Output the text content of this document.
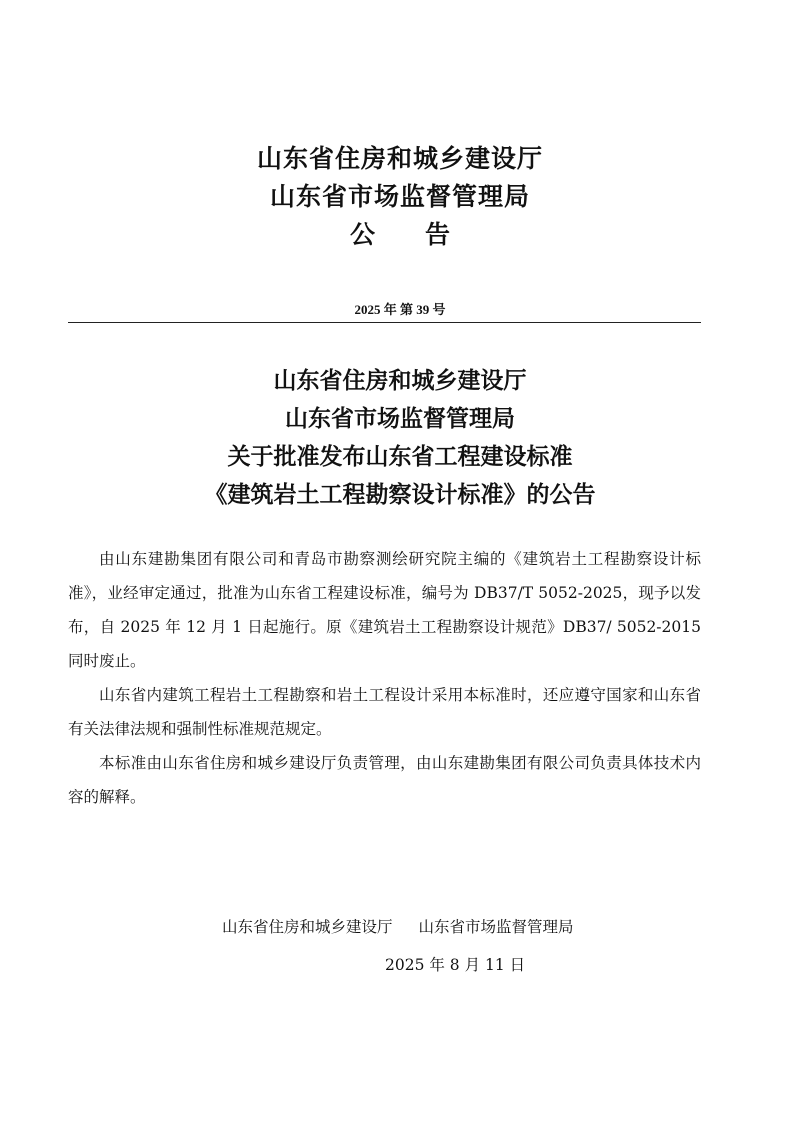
山东省住房和城乡建设厅

山东省市场监督管理局

公 告

2025 年 第 39 号

山东省住房和城乡建设厅

山东省市场监督管理局

关于批准发布山东省工程建设标准

《建筑岩土工程勘察设计标准》的公告

由山东建勘集团有限公司和青岛市勘察测绘研究院主编的《建筑岩土工程勘察设计标准》，业经审定通过，批准为山东省工程建设标准，编号为 DB37/T 5052-2025，现予以发布，自 2025 年 12 月 1 日起施行。原《建筑岩土工程勘察设计规范》DB37/ 5052-2015 同时废止。

山东省内建筑工程岩土工程勘察和岩土工程设计采用本标准时，还应遵守国家和山东省有关法律法规和强制性标准规范规定。

本标准由山东省住房和城乡建设厅负责管理，由山东建勘集团有限公司负责具体技术内容的解释。

山东省住房和城乡建设厅 山东省市场监督管理局
2025 年 8 月 11 日
